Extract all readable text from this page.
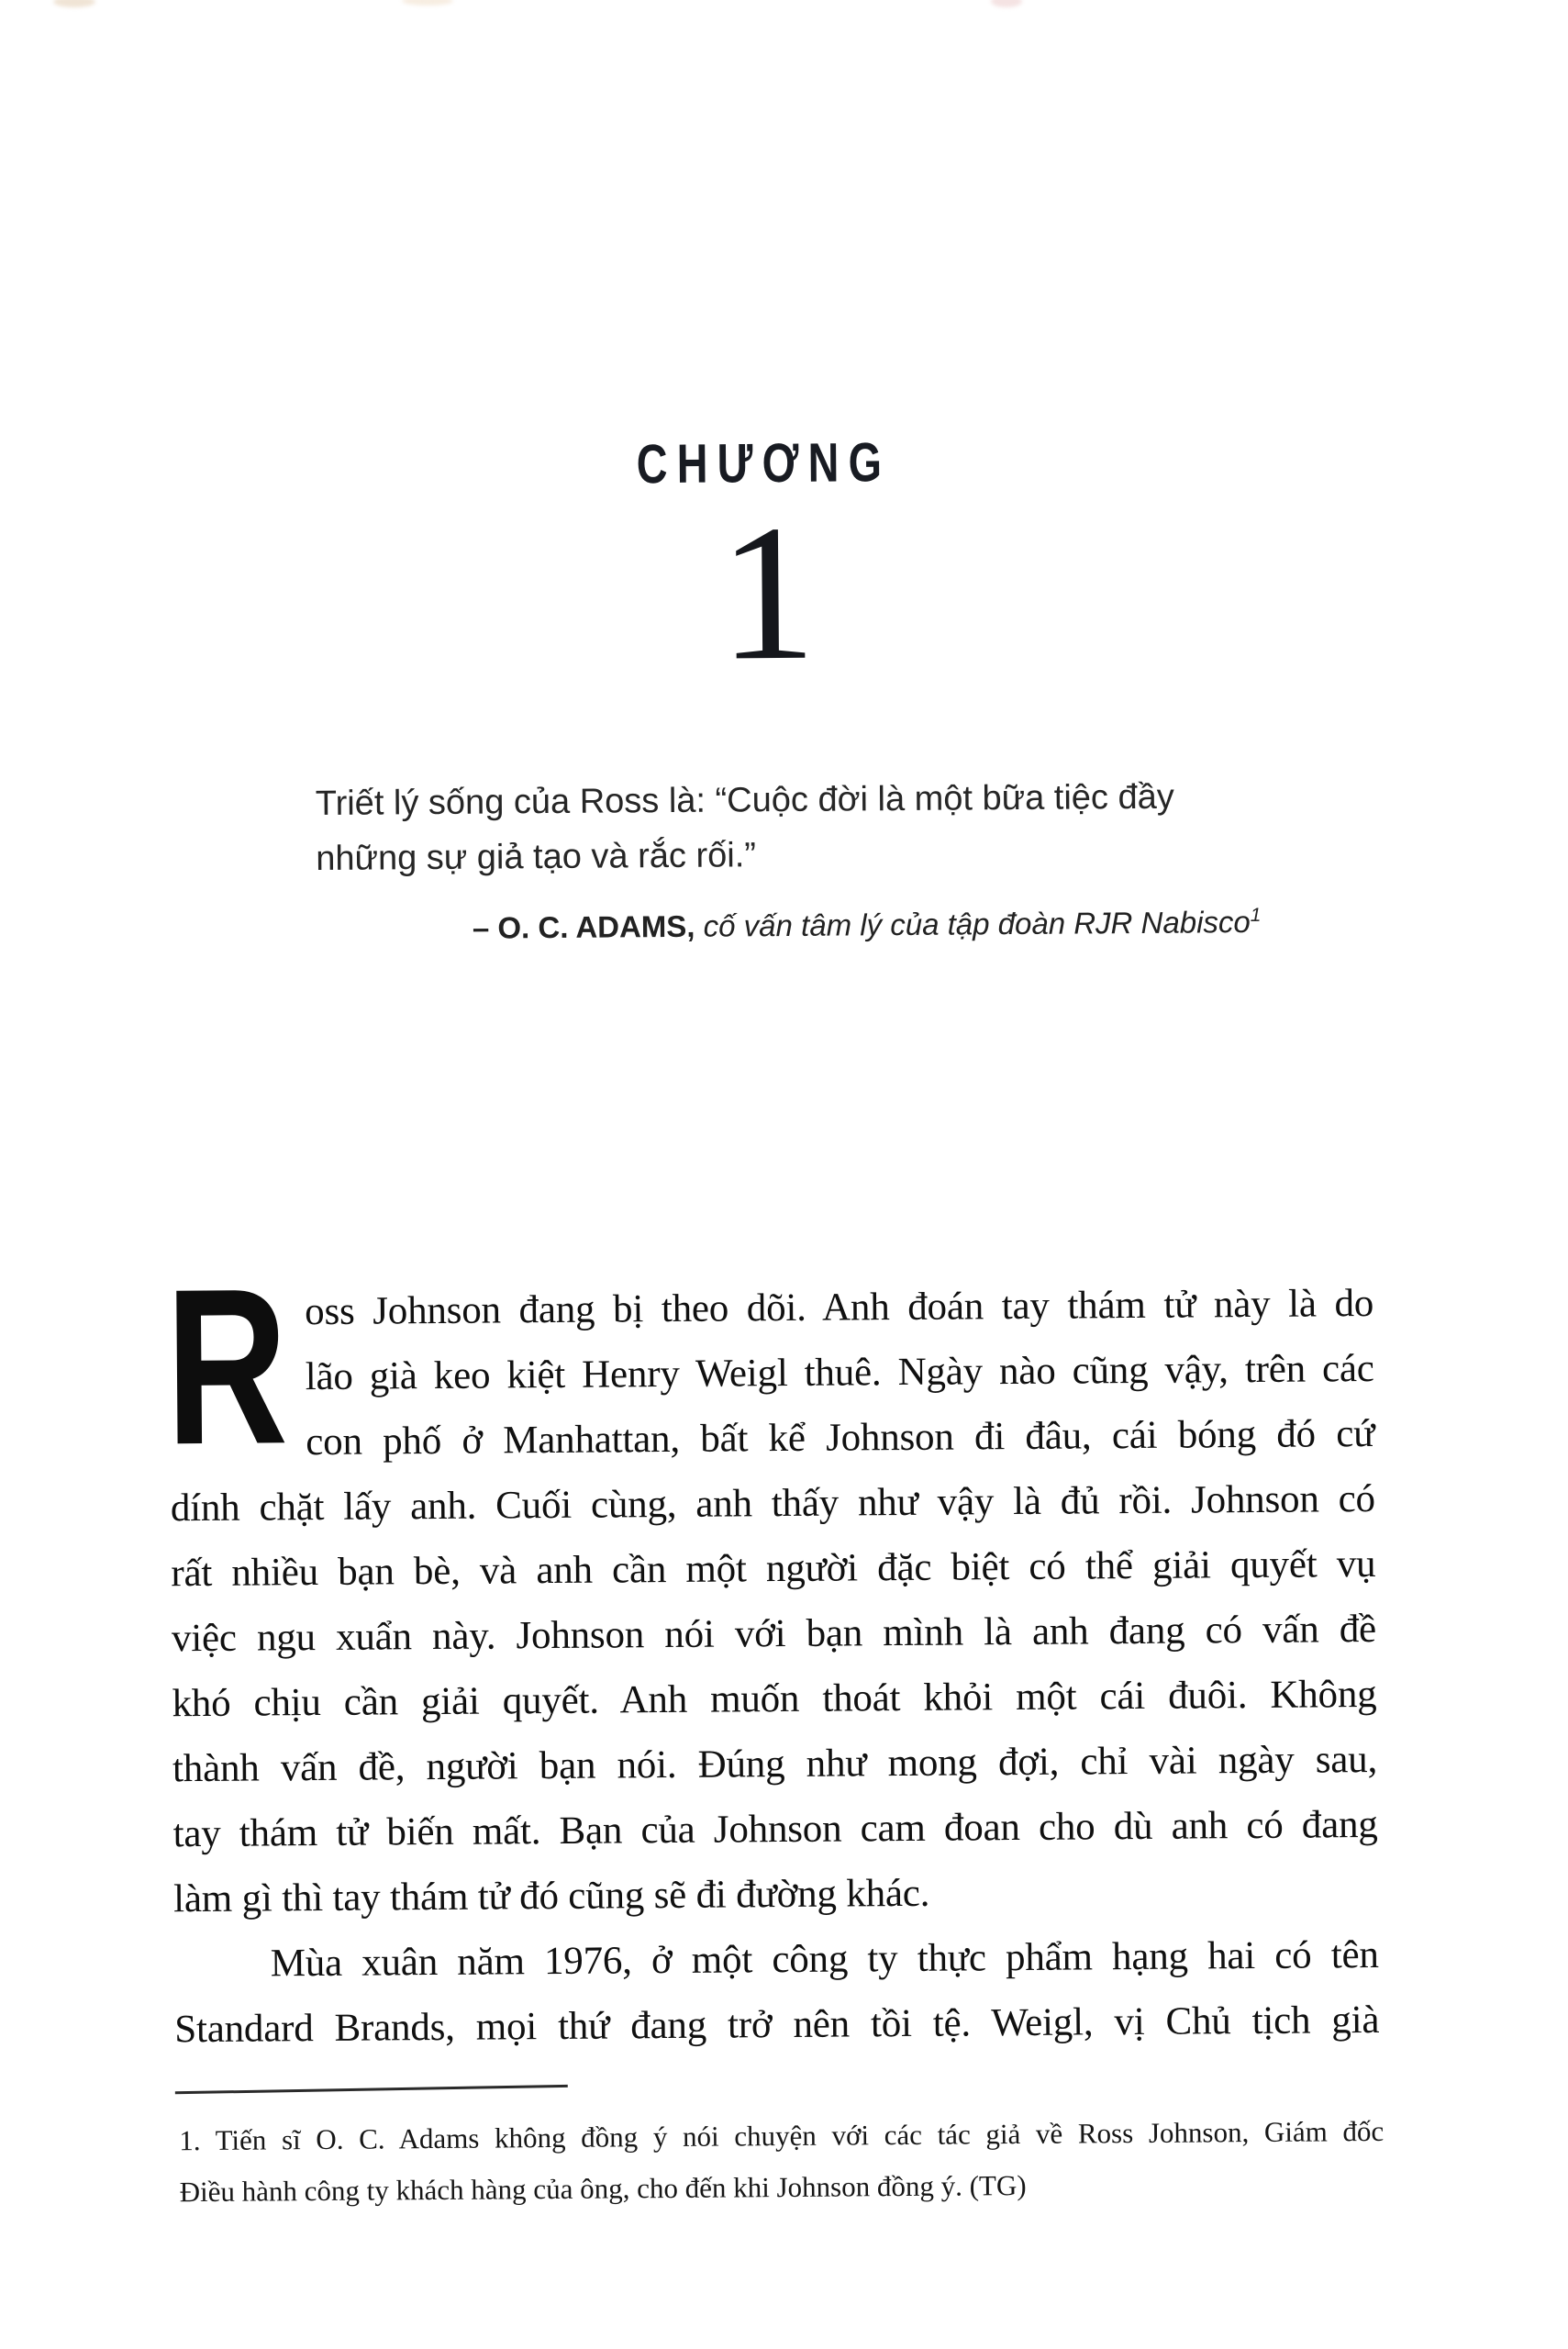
CHƯƠNG
1
Triết lý sống của Ross là: “Cuộc đời là một bữa tiệc đầy
những sự giả tạo và rắc rối.”
– O. C. ADAMS, cố vấn tâm lý của tập đoàn RJR Nabisco$^1$
R oss Johnson đang bị theo dõi. Anh đoán tay thám tử này là do
lão già keo kiệt Henry Weigl thuê. Ngày nào cũng vậy, trên các
con phố ở Manhattan, bất kể Johnson đi đâu, cái bóng đó cứ
dính chặt lấy anh. Cuối cùng, anh thấy như vậy là đủ rồi. Johnson có
rất nhiều bạn bè, và anh cần một người đặc biệt có thể giải quyết vụ
việc ngu xuẩn này. Johnson nói với bạn mình là anh đang có vấn đề
khó chịu cần giải quyết. Anh muốn thoát khỏi một cái đuôi. Không
thành vấn đề, người bạn nói. Đúng như mong đợi, chỉ vài ngày sau,
tay thám tử biến mất. Bạn của Johnson cam đoan cho dù anh có đang
làm gì thì tay thám tử đó cũng sẽ đi đường khác.
Mùa xuân năm 1976, ở một công ty thực phẩm hạng hai có tên
Standard Brands, mọi thứ đang trở nên tồi tệ. Weigl, vị Chủ tịch già
1. Tiến sĩ O. C. Adams không đồng ý nói chuyện với các tác giả về Ross Johnson, Giám đốc
Điều hành công ty khách hàng của ông, cho đến khi Johnson đồng ý. (TG)
